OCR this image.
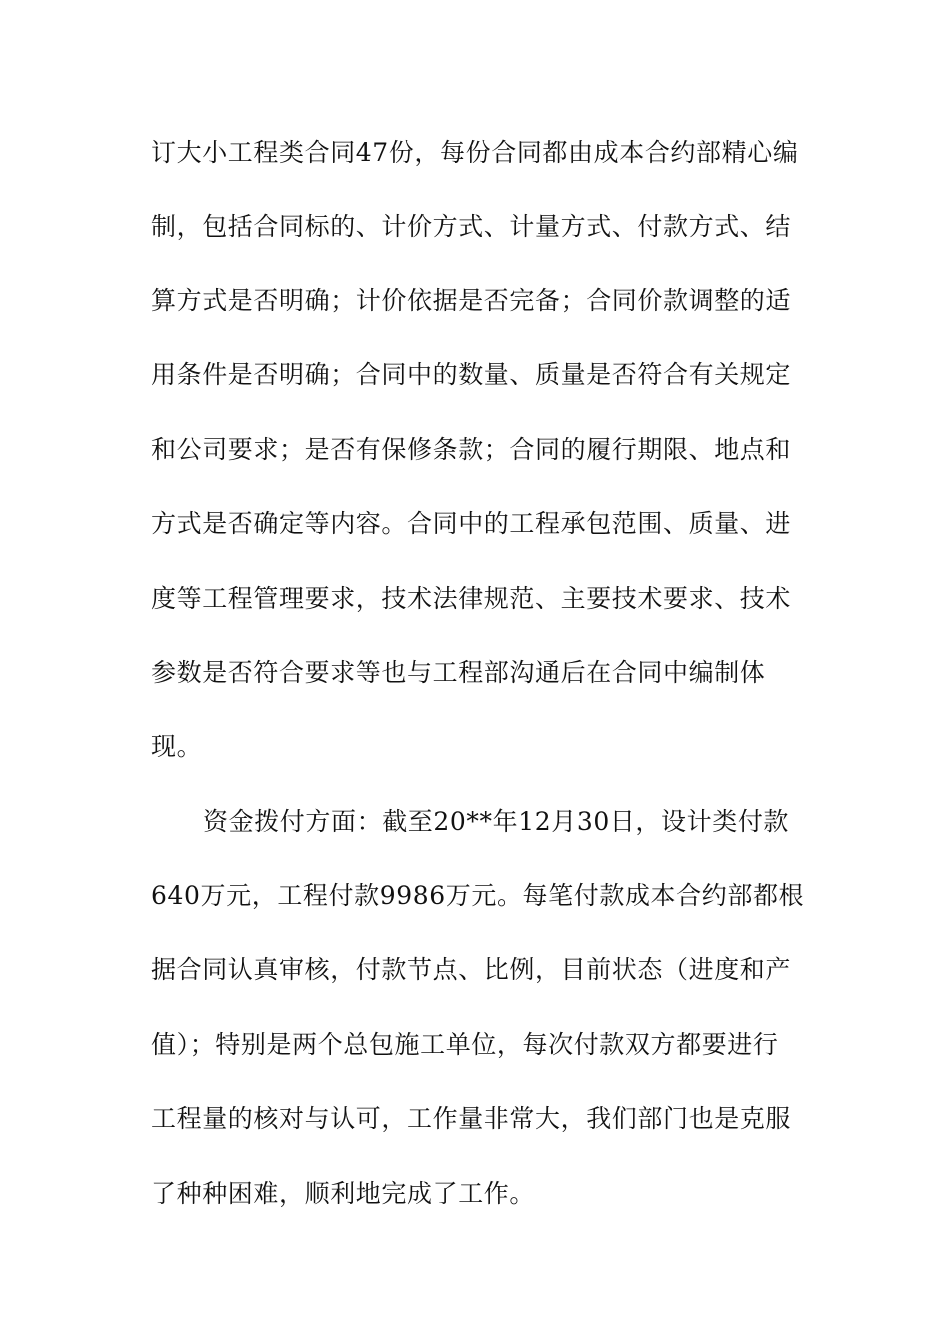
订大小工程类合同47份，每份合同都由成本合约部精心编
制，包括合同标的、计价方式、计量方式、付款方式、结
算方式是否明确；计价依据是否完备；合同价款调整的适
用条件是否明确；合同中的数量、质量是否符合有关规定
和公司要求；是否有保修条款；合同的履行期限、地点和
方式是否确定等内容。合同中的工程承包范围、质量、进
度等工程管理要求，技术法律规范、主要技术要求、技术
参数是否符合要求等也与工程部沟通后在合同中编制体
现。
资金拨付方面：截至20**年12月30日，设计类付款
640万元，工程付款9986万元。每笔付款成本合约部都根
据合同认真审核，付款节点、比例，目前状态（进度和产
值）；特别是两个总包施工单位，每次付款双方都要进行
工程量的核对与认可，工作量非常大，我们部门也是克服
了种种困难，顺利地完成了工作。
